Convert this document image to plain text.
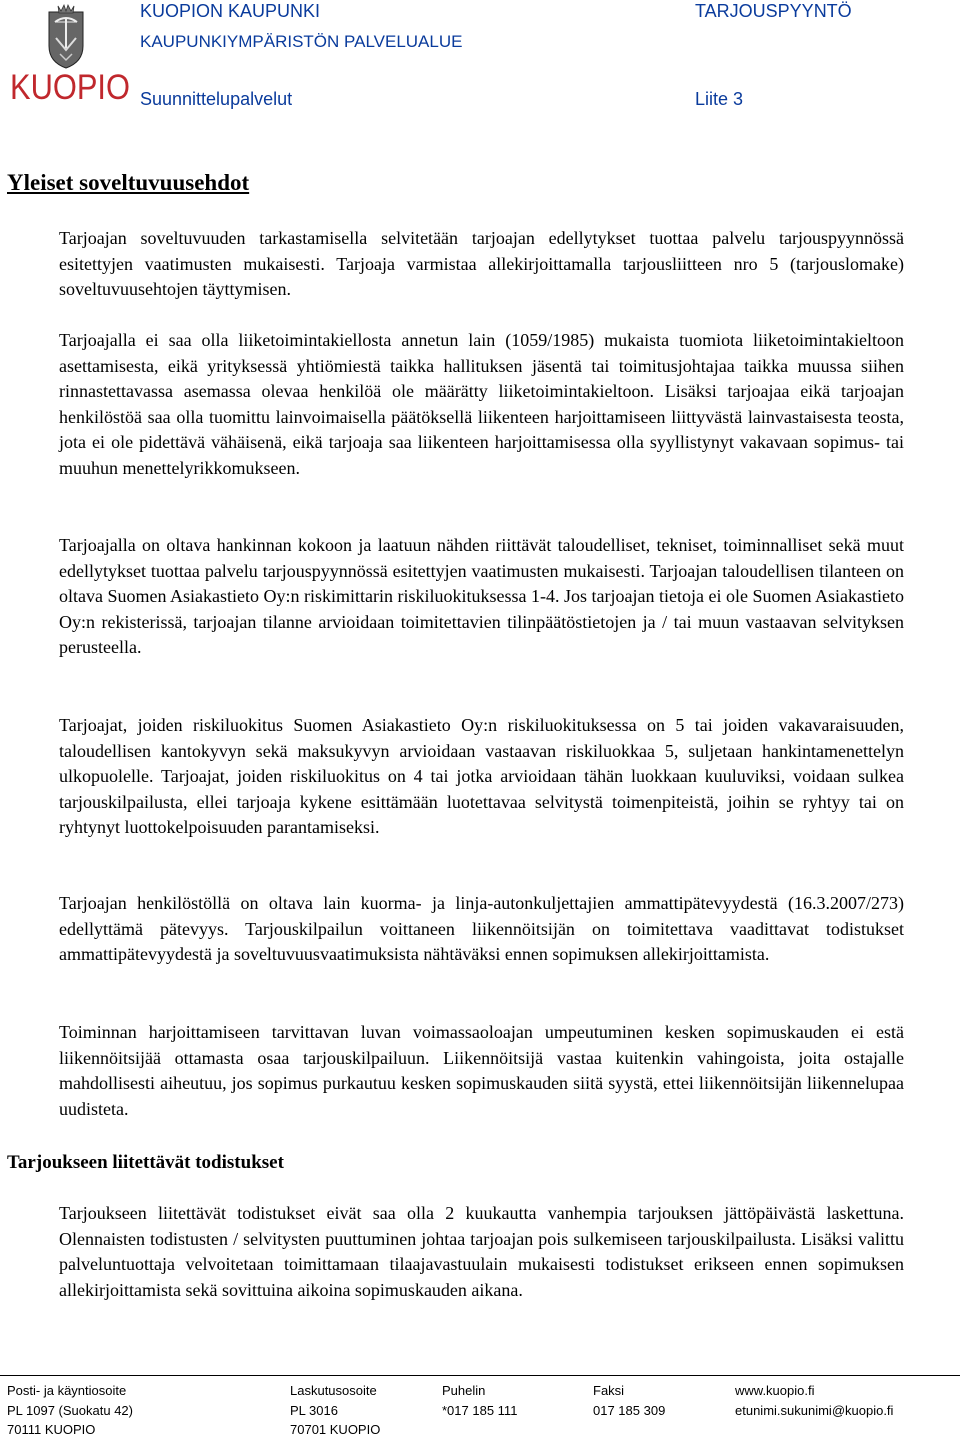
KUOPIO
KUOPION KAUPUNKI	TARJOUSPYYNTÖ
KAUPUNKIYMPÄRISTÖN PALVELUALUE
Suunnittelupalvelut	Liite 3
Yleiset soveltuvuusehdot

Tarjoajan soveltuvuuden tarkastamisella selvitetään tarjoajan edellytykset tuottaa palvelu tarjouspyynnössä esitettyjen vaatimusten mukaisesti. Tarjoaja varmistaa allekirjoittamalla tarjousliitteen nro 5 (tarjouslomake) soveltuvuusehtojen täyttymisen.

Tarjoajalla ei saa olla liiketoimintakiellosta annetun lain (1059/1985) mukaista tuomiota liiketoimintakieltoon asettamisesta, eikä yrityksessä yhtiömiestä taikka hallituksen jäsentä tai toimitusjohtajaa taikka muussa siihen rinnastettavassa asemassa olevaa henkilöä ole määrätty liiketoimintakieltoon. Lisäksi tarjoajaa eikä tarjoajan henkilöstöä saa olla tuomittu lainvoimaisella päätöksellä liikenteen harjoittamiseen liittyvästä lainvastaisesta teosta, jota ei ole pidettävä vähäisenä, eikä tarjoaja saa liikenteen harjoittamisessa olla syyllistynyt vakavaan sopimus- tai muuhun menettelyrikkomukseen.

Tarjoajalla on oltava hankinnan kokoon ja laatuun nähden riittävät taloudelliset, tekniset, toiminnalliset sekä muut edellytykset tuottaa palvelu tarjouspyynnössä esitettyjen vaatimusten mukaisesti. Tarjoajan taloudellisen tilanteen on oltava Suomen Asiakastieto Oy:n riskimittarin riskiluokituksessa 1-4. Jos tarjoajan tietoja ei ole Suomen Asiakastieto Oy:n rekisterissä, tarjoajan tilanne arvioidaan toimitettavien tilinpäätöstietojen ja / tai muun vastaavan selvityksen perusteella.

Tarjoajat, joiden riskiluokitus Suomen Asiakastieto Oy:n riskiluokituksessa on 5 tai joiden vakavaraisuuden, taloudellisen kantokyvyn sekä maksukyvyn arvioidaan vastaavan riskiluokkaa 5, suljetaan hankintamenettelyn ulkopuolelle. Tarjoajat, joiden riskiluokitus on 4 tai jotka arvioidaan tähän luokkaan kuuluviksi, voidaan sulkea tarjouskilpailusta, ellei tarjoaja kykene esittämään luotettavaa selvitystä toimenpiteistä, joihin se ryhtyy tai on ryhtynyt luottokelpoisuuden parantamiseksi.

Tarjoajan henkilöstöllä on oltava lain kuorma- ja linja-autonkuljettajien ammattipätevyydestä (16.3.2007/273) edellyttämä pätevyys. Tarjouskilpailun voittaneen liikennöitsijän on toimitettava vaadittavat todistukset ammattipätevyydestä ja soveltuvuusvaatimuksista nähtäväksi ennen sopimuksen allekirjoittamista.

Toiminnan harjoittamiseen tarvittavan luvan voimassaoloajan umpeutuminen kesken sopimuskauden ei estä liikennöitsijää ottamasta osaa tarjouskilpailuun. Liikennöitsijä vastaa kuitenkin vahingoista, joita ostajalle mahdollisesti aiheutuu, jos sopimus purkautuu kesken sopimuskauden siitä syystä, ettei liikennöitsijän liikennelupaa uudisteta.

Tarjoukseen liitettävät todistukset

Tarjoukseen liitettävät todistukset eivät saa olla 2 kuukautta vanhempia tarjouksen jättöpäivästä laskettuna. Olennaisten todistusten / selvitysten puuttuminen johtaa tarjoajan pois sulkemiseen tarjouskilpailusta. Lisäksi valittu palveluntuottaja velvoitetaan toimittamaan tilaajavastuulain mukaisesti todistukset erikseen ennen sopimuksen allekirjoittamista sekä sovittuina aikoina sopimuskauden aikana.

Posti- ja käyntiosoite
PL 1097 (Suokatu 42)
70111 KUOPIO
Laskutusosoite
PL 3016
70701 KUOPIO
Puhelin
*017 185 111
Faksi
017 185 309
www.kuopio.fi
etunimi.sukunimi@kuopio.fi
